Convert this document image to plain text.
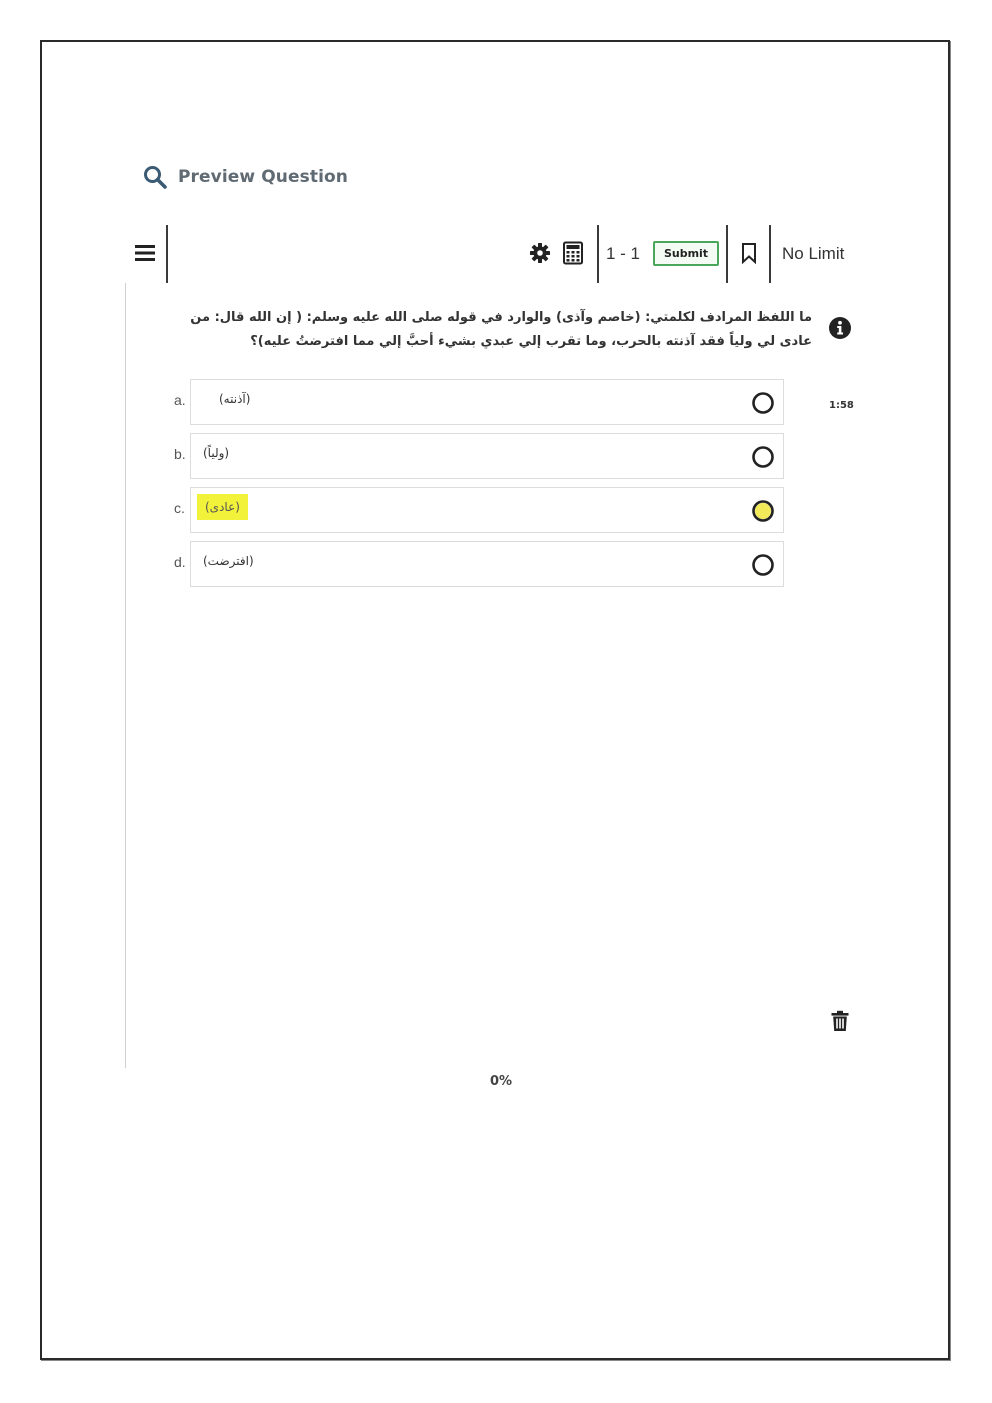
Preview Question
1 - 1	Submit	No Limit
ما اللفظ المرادف لكلمتي: (خاصم وآذى) والوارد في قوله صلى الله عليه وسلم: ( إن الله قال: من عادى لي ولياً فقد آذنته بالحرب، وما تقرب إلي عبدي بشيء أحبَّ إلي مما افترضتُ عليه)؟
1:58
a.	(آذنته)
b. (ولياً)
c.	(عادى)
d. (افترضت)
0%
